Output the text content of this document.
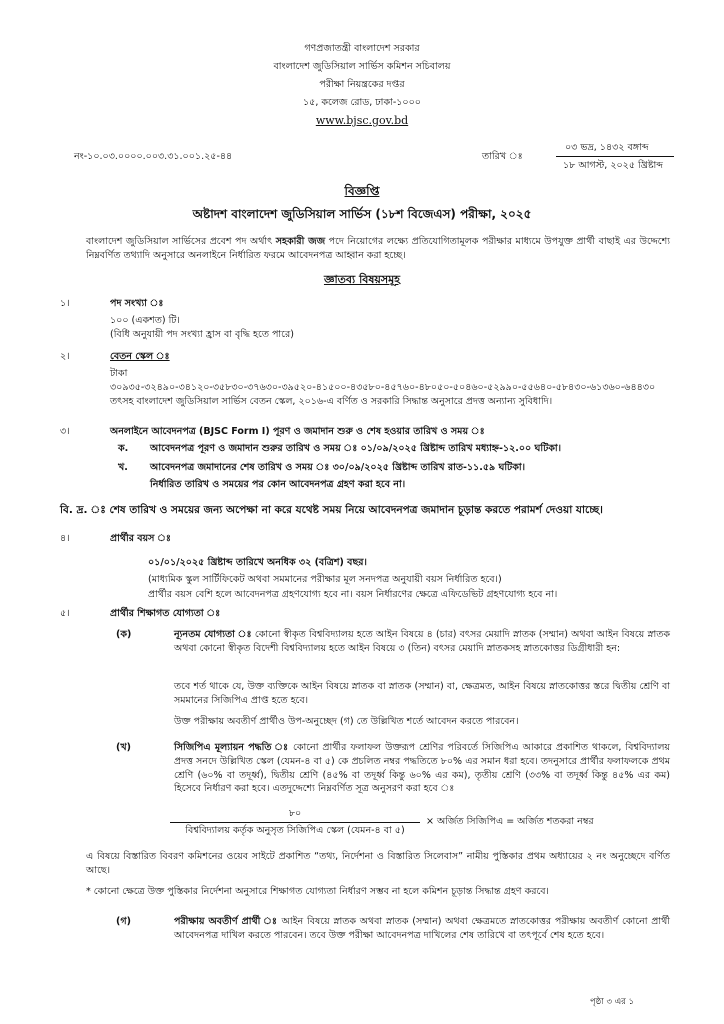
গণপ্রজাতন্ত্রী বাংলাদেশ সরকার
বাংলাদেশ জুডিসিয়াল সার্ভিস কমিশন সচিবালয়
পরীক্ষা নিয়ন্ত্রকের দপ্তর
১৫, কলেজ রোড, ঢাকা-১০০০
www.bjsc.gov.bd
নং-১০.০৩.০০০০.০০৩.৩১.০০১.২৫-৪৪	তারিখ ঃ
০৩ ভদ্র, ১৪৩২ বঙ্গাব্দ
১৮ আগস্ট, ২০২৫ খ্রিষ্টাব্দ
বিজ্ঞপ্তি
অষ্টাদশ বাংলাদেশ জুডিসিয়াল সার্ভিস (১৮শ বিজেএস) পরীক্ষা, ২০২৫
বাংলাদেশ জুডিসিয়াল সার্ভিসের প্রবেশ পদ অর্থাৎ সহকারী জজ পদে নিয়োগের লক্ষ্যে প্রতিযোগিতামূলক পরীক্ষার মাধ্যমে উপযুক্ত প্রার্থী বাছাই এর উদ্দেশ্যে নিম্নবর্ণিত তথ্যাদি অনুসারে অনলাইনে নির্ধারিত ফরমে আবেদনপত্র আহ্বান করা হচ্ছে।
জ্ঞাতব্য বিষয়সমূহ
১।	পদ সংখ্যা ঃ
১০০ (একশত) টি।
(বিধি অনুযায়ী পদ সংখ্যা হ্রাস বা বৃদ্ধি হতে পারে)
২।	বেতন স্কেল ঃ
টাকা ৩০৯৩৫-৩২৪৯০-৩৪১২০-৩৫৮৩০-৩৭৬৩০-৩৯৫২০-৪১৫০০-৪৩৫৮০-৪৫৭৬০-৪৮০৫০-৫০৪৬০-৫২৯৯০-৫৫৬৪০-৫৮৪৩০-৬১৩৬০-৬৪৪৩০ তৎসহ বাংলাদেশ জুডিসিয়াল সার্ভিস বেতন স্কেল, ২০১৬-এ বর্ণিত ও সরকারি সিদ্ধান্ত অনুসারে প্রদত্ত অন্যান্য সুবিধাদি।
৩।	অনলাইনে আবেদনপত্র (BJSC Form I) পূরণ ও জমাদান শুরু ও শেষ হওয়ার তারিখ ও সময় ঃ
ক. আবেদনপত্র পূরণ ও জমাদান শুরুর তারিখ ও সময় ঃ ০১/০৯/২০২৫ খ্রিষ্টাব্দ তারিখ মধ্যাহ্ন-১২.০০ ঘটিকা।
খ. আবেদনপত্র জমাদানের শেষ তারিখ ও সময় ঃ ৩০/০৯/২০২৫ খ্রিষ্টাব্দ তারিখ রাত-১১.৫৯ ঘটিকা।
নির্ধারিত তারিখ ও সময়ের পর কোন আবেদনপত্র গ্রহণ করা হবে না।
বি. দ্র. ঃ শেষ তারিখ ও সময়ের জন্য অপেক্ষা না করে যথেষ্ট সময় নিয়ে আবেদনপত্র জমাদান চূড়ান্ত করতে পরামর্শ দেওয়া যাচ্ছে।
৪।	প্রার্থীর বয়স ঃ
০১/০১/২০২৫ খ্রিষ্টাব্দ তারিখে অনধিক ৩২ (বত্রিশ) বছর।
(মাধ্যমিক স্কুল সার্টিফিকেট অথবা সমমানের পরীক্ষার মূল সনদপত্র অনুযায়ী বয়স নির্ধারিত হবে।)
প্রার্থীর বয়স বেশি হলে আবেদনপত্র গ্রহণযোগ্য হবে না। বয়স নির্ধারণের ক্ষেত্রে এফিডেভিট গ্রহণযোগ্য হবে না।
৫।	প্রার্থীর শিক্ষাগত যোগ্যতা ঃ
(ক)	ন্যূনতম যোগ্যতা ঃ কোনো স্বীকৃত বিশ্ববিদ্যালয় হতে আইন বিষয়ে ৪ (চার) বৎসর মেয়াদি স্নাতক (সম্মান) অথবা আইন বিষয়ে স্নাতক অথবা কোনো স্বীকৃত বিদেশী বিশ্ববিদ্যালয় হতে আইন বিষয়ে ৩ (তিন) বৎসর মেয়াদি স্নাতকসহ স্নাতকোত্তর ডিগ্রীধারী হন:
তবে শর্ত থাকে যে, উক্ত ব্যক্তিকে আইন বিষয়ে স্নাতক বা স্নাতক (সম্মান) বা, ক্ষেত্রমত, আইন বিষয়ে স্নাতকোত্তর স্তরে দ্বিতীয় শ্রেণি বা সমমানের সিজিপিএ প্রাপ্ত হতে হবে।
উক্ত পরীক্ষায় অবতীর্ণ প্রার্থীও উপ-অনুচ্ছেদ (গ) তে উল্লিখিত শর্তে আবেদন করতে পারবেন।
(খ)	সিজিপিএ মূল্যায়ন পদ্ধতি ঃ কোনো প্রার্থীর ফলাফল উক্তরূপ শ্রেণির পরিবর্তে সিজিপিএ আকারে প্রকাশিত থাকলে, বিশ্ববিদ্যালয় প্রদত্ত সনদে উল্লিখিত স্কেল (যেমন-৪ বা ৫) কে প্রচলিত নম্বর পদ্ধতিতে ৮০% এর সমান ধরা হবে। তদনুসারে প্রার্থীর ফলাফলকে প্রথম শ্রেণি (৬০% বা তদূর্ধ্ব), দ্বিতীয় শ্রেণি (৪৫% বা তদূর্ধ্ব কিন্তু ৬০% এর কম), তৃতীয় শ্রেণি (৩৩% বা তদূর্ধ্ব কিন্তু ৪৫% এর কম) হিসেবে নির্ধারণ করা হবে। এতদুদ্দেশ্যে নিম্নবর্ণিত সূত্র অনুসরণ করা হবে ঃ
৮০
বিশ্ববিদ্যালয় কর্তৃক অনুসৃত সিজিপিএ স্কেল (যেমন-৪ বা ৫)
× অর্জিত সিজিপিএ = অর্জিত শতকরা নম্বর
এ বিষয়ে বিস্তারিত বিবরণ কমিশনের ওয়েব সাইটে প্রকাশিত “তথ্য, নির্দেশনা ও বিস্তারিত সিলেবাস” নামীয় পুস্তিকার প্রথম অধ্যায়ের ২ নং অনুচ্ছেদে বর্ণিত আছে।
* কোনো ক্ষেত্রে উক্ত পুস্তিকার নির্দেশনা অনুসারে শিক্ষাগত যোগ্যতা নির্ধারণ সম্ভব না হলে কমিশন চূড়ান্ত সিদ্ধান্ত গ্রহণ করবে।
(গ)	পরীক্ষায় অবতীর্ণ প্রার্থী ঃ আইন বিষয়ে স্নাতক অথবা স্নাতক (সম্মান) অথবা ক্ষেত্রমতে স্নাতকোত্তর পরীক্ষায় অবতীর্ণ কোনো প্রার্থী আবেদনপত্র দাখিল করতে পারবেন। তবে উক্ত পরীক্ষা আবেদনপত্র দাখিলের শেষ তারিখে বা তৎপূর্বে শেষ হতে হবে।
পৃষ্ঠা ৩ এর ১
